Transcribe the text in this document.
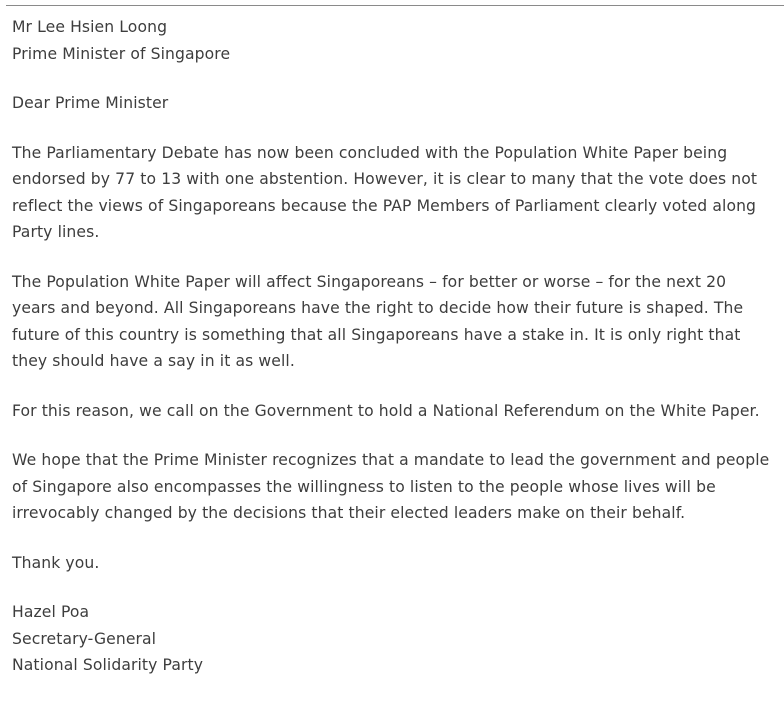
Mr Lee Hsien Loong
Prime Minister of Singapore

Dear Prime Minister

The Parliamentary Debate has now been concluded with the Population White Paper being endorsed by 77 to 13 with one abstention. However, it is clear to many that the vote does not reflect the views of Singaporeans because the PAP Members of Parliament clearly voted along Party lines.

The Population White Paper will affect Singaporeans – for better or worse – for the next 20 years and beyond. All Singaporeans have the right to decide how their future is shaped. The future of this country is something that all Singaporeans have a stake in. It is only right that they should have a say in it as well.

For this reason, we call on the Government to hold a National Referendum on the White Paper.

We hope that the Prime Minister recognizes that a mandate to lead the government and people of Singapore also encompasses the willingness to listen to the people whose lives will be irrevocably changed by the decisions that their elected leaders make on their behalf.

Thank you.

Hazel Poa
Secretary-General
National Solidarity Party
